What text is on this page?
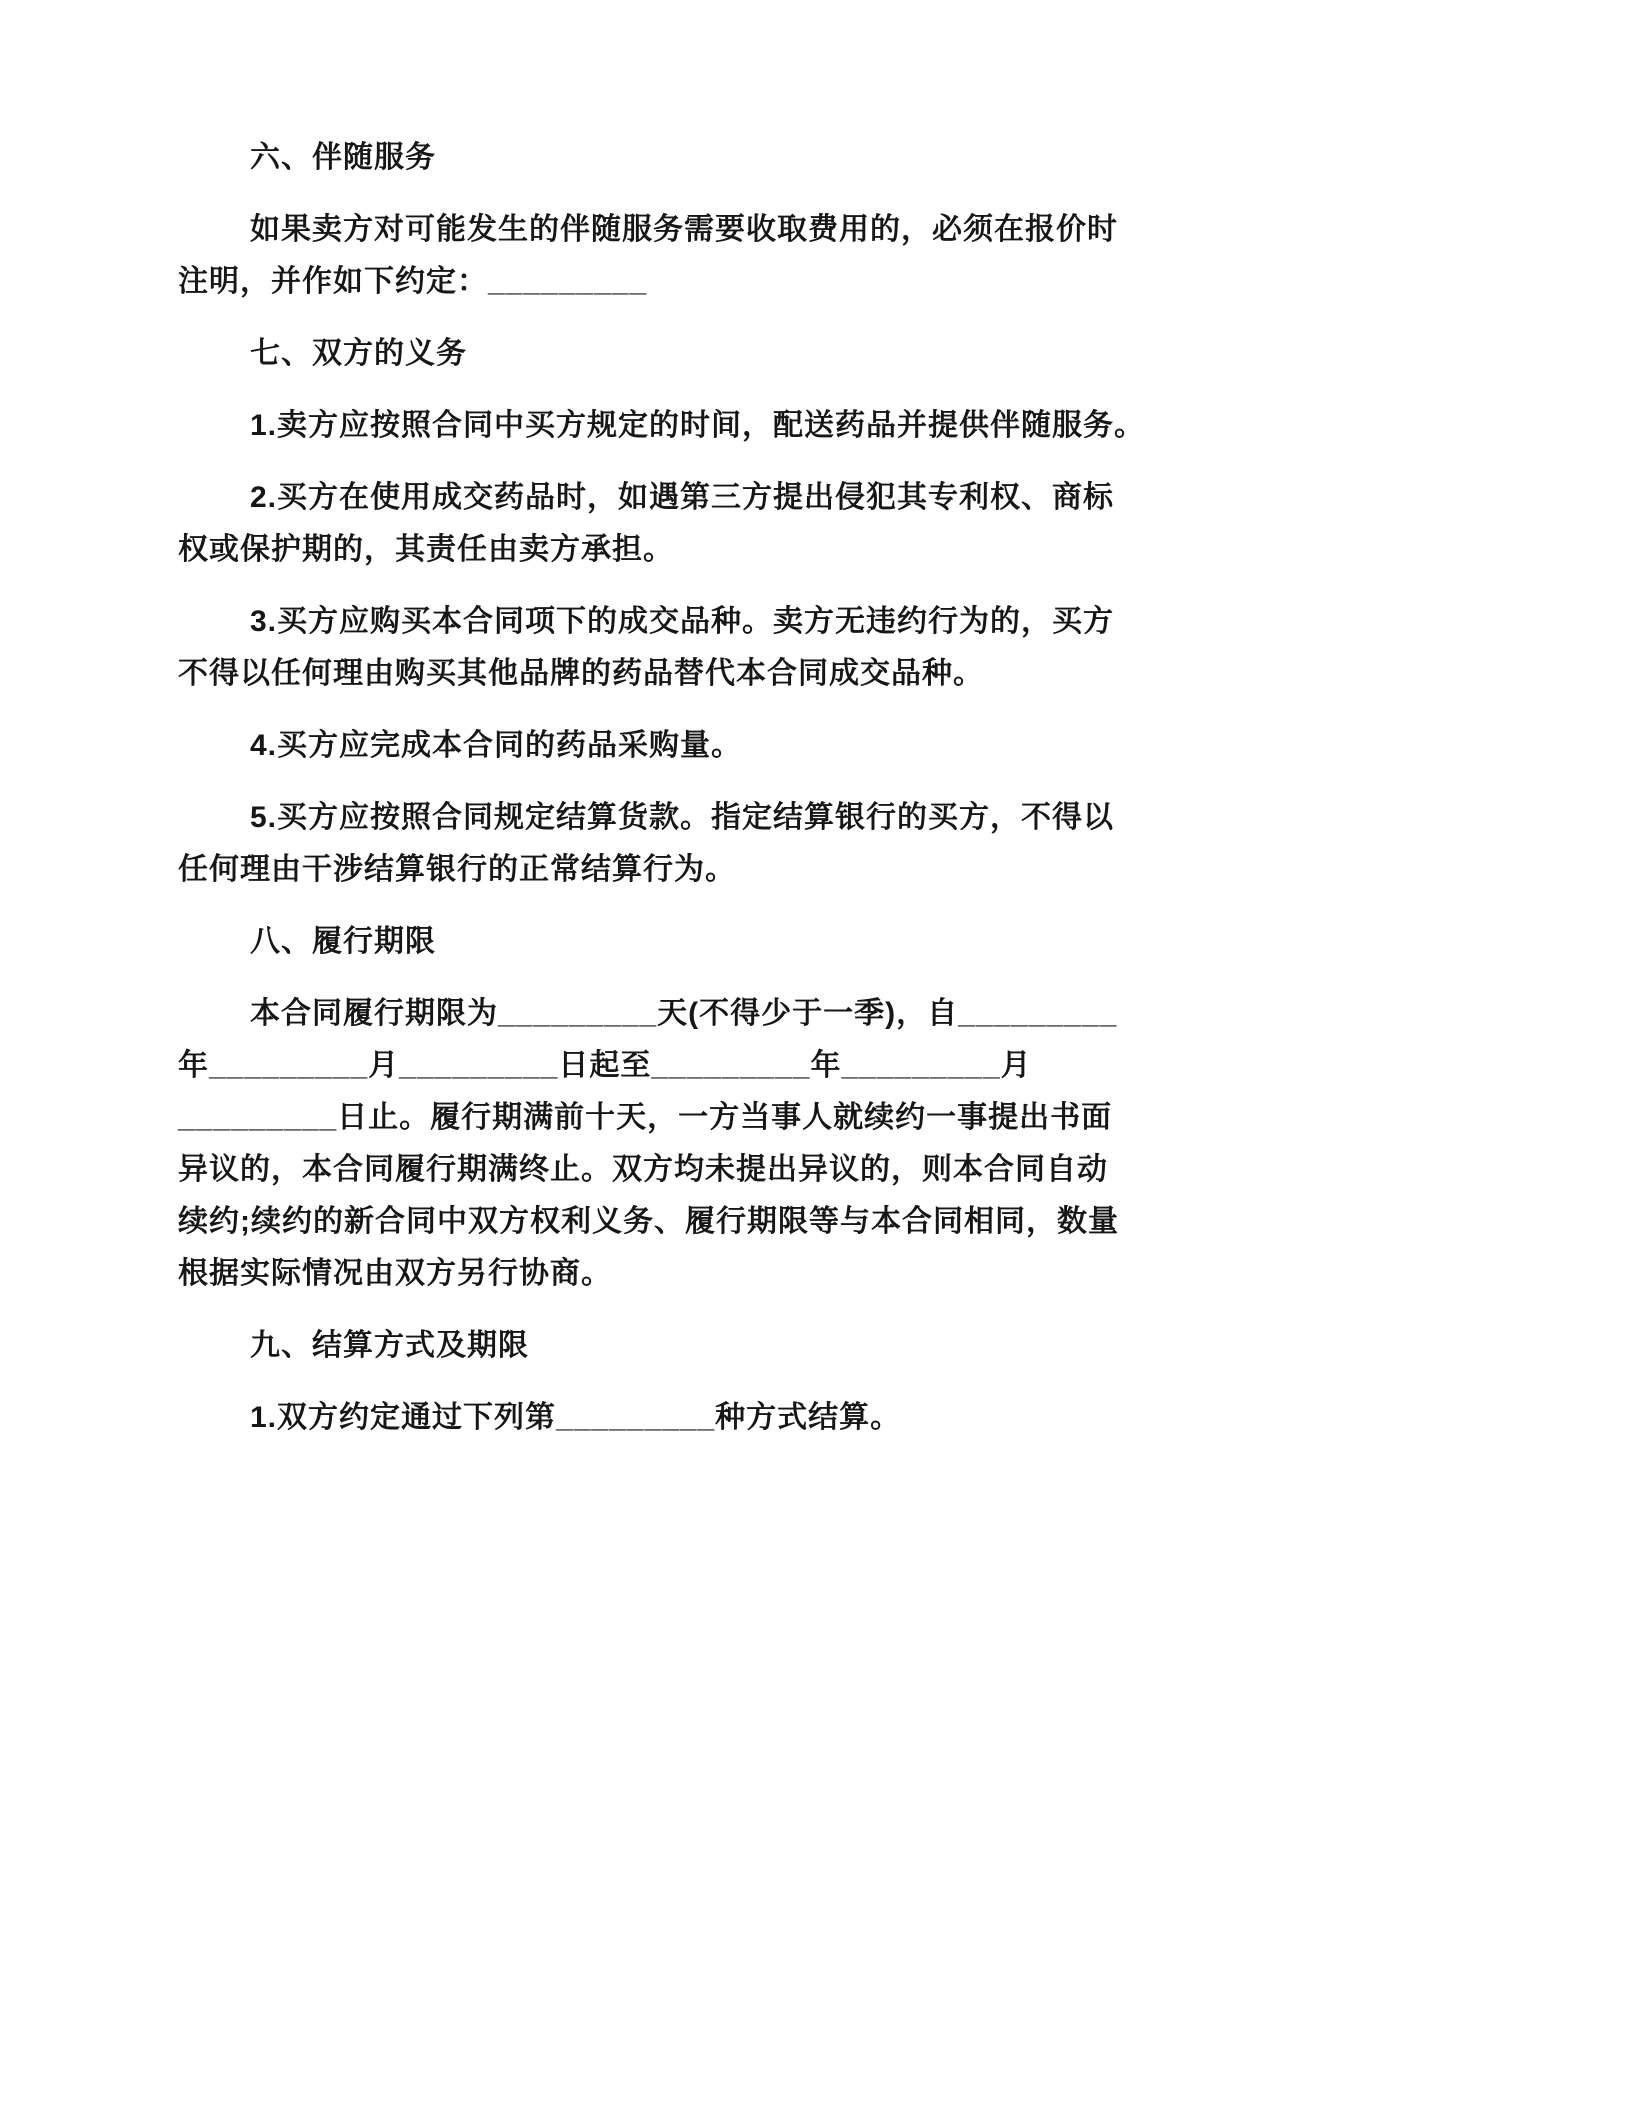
六、伴随服务
如果卖方对可能发生的伴随服务需要收取费用的，必须在报价时
注明，并作如下约定：_________
七、双方的义务
1.卖方应按照合同中买方规定的时间，配送药品并提供伴随服务。
2.买方在使用成交药品时，如遇第三方提出侵犯其专利权、商标
权或保护期的，其责任由卖方承担。
3.买方应购买本合同项下的成交品种。卖方无违约行为的，买方
不得以任何理由购买其他品牌的药品替代本合同成交品种。
4.买方应完成本合同的药品采购量。
5.买方应按照合同规定结算货款。指定结算银行的买方，不得以
任何理由干涉结算银行的正常结算行为。
八、履行期限
本合同履行期限为_________天(不得少于一季)，自_________
年_________月_________日起至_________年_________月
_________日止。履行期满前十天，一方当事人就续约一事提出书面
异议的，本合同履行期满终止。双方均未提出异议的，则本合同自动
续约;续约的新合同中双方权利义务、履行期限等与本合同相同，数量
根据实际情况由双方另行协商。
九、结算方式及期限
1.双方约定通过下列第_________种方式结算。
